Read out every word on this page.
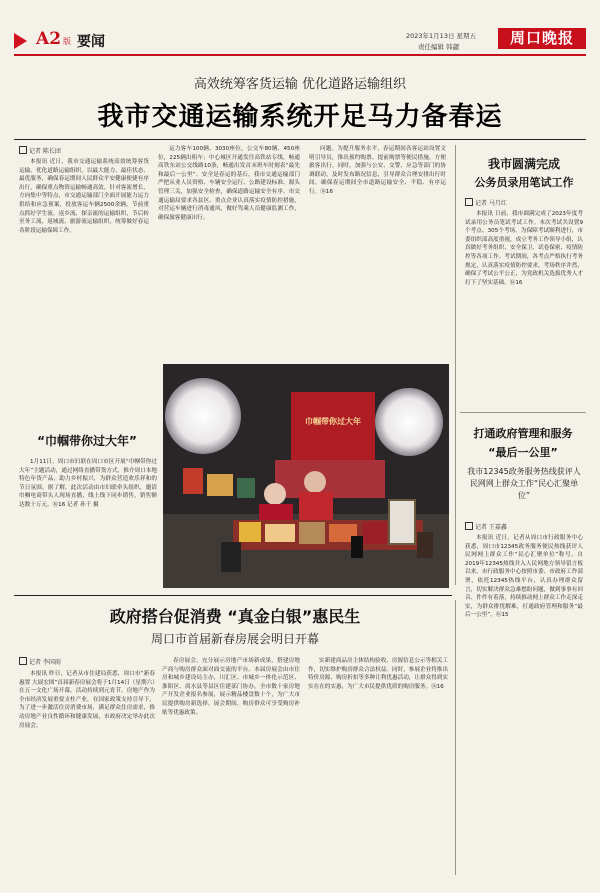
A2 版 要闻	2023年1月13日 星期五
责任编辑 韩勰	周口晚报
高效统筹客货运输 优化道路运输组织
我市交通运输系统开足马力备春运
记者 陈长团

本报讯 近日，我市交通运输系统高效统筹客货运输、优化道路运输组织，以最大能力、最佳状态、最优服务，确保春运期间人民群众平安健康便捷有序出行，确保重点物资运输畅通高效。针对客流增长、方向集中等特点，市交通运输部门全面开展能力运力供给和应急预案，投放客运车辆2500余辆，节前重点抓好学生流、返乡流、探亲流的运输组织，节后转至务工流、返城流、旅游流运输组织，统筹做好春运各阶段运输保障工作。

运力客车100辆、3030座位，公交车80辆、450座位，225辆出租车；中心城区开通发往高铁站专线，畅通高铁东站公交线路10条，畅通出发首末班车时刻表“最先和最后一公里”。安全是春运的基石。我市交通运输部门严把从业人员资格、车辆安全运行、公路建设标准、源头管理三关，加强安全检查，确保道路运输安全有序。市交通运输局要求各县区、重点企业认真落实疫情防控措施，对营运车辆进行消毒通风，做好驾乘人员健康监测工作，确保旅客健康出行。

问题。为提升服务水平，春运期间各客运站设置文明引导员，推出预约购票、提前购票等便民措施，方便旅客出行。同时，加强与公安、交警、应急等部门的协调联动，及时发布路况信息，引导群众合理安排出行时间，确保春运期间全市道路运输安全、平稳、有序运行。⑯16

我市圆满完成
公务员录用笔试工作
记者 马月红

本报讯 日前，我市圆满完成了2023年度考试录用公务员笔试考试工作。本次考试共设置9个考点、305个考场。为保障考试顺利进行，市委组织部高度重视，成立考务工作领导小组，认真做好考务组织、安全保卫、试卷保密、疫情防控等各项工作。考试期间，各考点严格执行考务规定，认真落实疫情防控要求，考场秩序井然，确保了考试公平公正，为党政机关选拔优秀人才打下了坚实基础。⑯16

打通政府管理和服务
“最后一公里”
我市12345政务服务热线获评人民网网上群众工作“民心汇聚单位”
记者 王嘉鑫

本报讯 近日，记者从周口市行政服务中心获悉，周口市12345政务服务便民热线获评人民网网上群众工作“民心汇聚单位”称号。自2019年12345热线并入人民网地方领导留言板以来，市行政服务中心按照市委、市政府工作部署，依托12345热线平台，认真办理群众留言，切实解决群众急难愁盼问题，做到事事有回音、件件有着落，持续推动网上群众工作走深走实，为群众排忧解难，打通政府管理和服务“最后一公里”。⑯15

“巾帼带你过大年”

1月11日，周口市妇联在周口市区开展“巾帼带你过大年”主题活动，通过网络直播带货方式，推介周口本地特色年货产品，助力乡村振兴，为群众营造欢乐祥和的节日氛围。据了解，此次活动由市妇联牵头组织，邀请巾帼电商带头人现场直播，线上线下同步销售，销售额达数十万元。⑯16 记者 孙千 摄

巾帼带你过大年
政府搭台促消费 “真金白银”惠民生
周口市首届新春房展会明日开幕
记者 李国雨

本报讯 昨日，记者从市住建局获悉，周口市“新春惠置 大展宏图”首届新春房展会将于1月14日（星期六）在五一文化广场开幕，活动持续到元宵节。房地产作为全市经济发展重要支柱产业，在国家政策支持引导下，为了进一步激活住房消费市场，满足群众住房需求，推动房地产业良性循环和健康发展，市政府决定举办此次房展会。

春房展会。充分展示房地产市场新成果，搭建房地产商与购房群众面对面交流的平台。本届房展会由市住房和城乡建设局主办，川汇区、市城乡一体化示范区、淮阳区、商水县等县区住建部门协办，全市数十家房地产开发企业报名参展，展示精品楼盘数十个，为广大市民提供购房新选择。展会期间，购房群众可享受购房补贴等优惠政策。

实新建商品房主体结构验收、房源信息公示等相关工作，切实维护购房群众合法权益。同时，参展企业将推出特价房源、购房折扣等多种让利优惠活动，让群众得到实实在在的实惠，为广大市民提供优质的购房服务。⑯16
